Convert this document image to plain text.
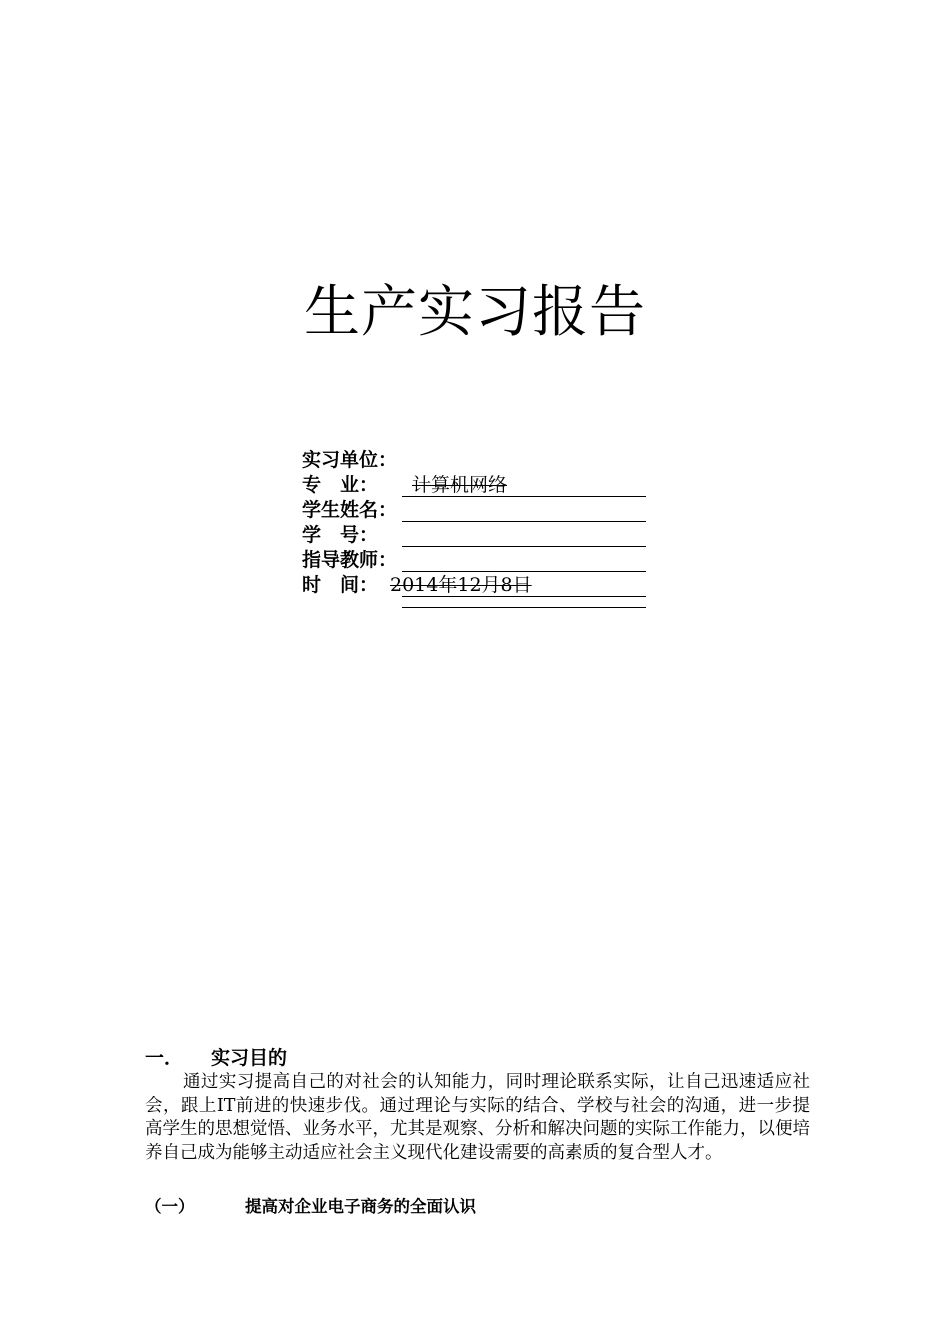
生产实习报告
实习单位：
专　业： 计算机网络
学生姓名：
学　号：
指导教师：
时　间： 2014年12月8日
一． 实习目的
通过实习提高自己的对社会的认知能力，同时理论联系实际，让自己迅速适应社会，跟上IT前进的快速步伐。通过理论与实际的结合、学校与社会的沟通，进一步提高学生的思想觉悟、业务水平，尤其是观察、分析和解决问题的实际工作能力，以便培养自己成为能够主动适应社会主义现代化建设需要的高素质的复合型人才。
（一）	提高对企业电子商务的全面认识
